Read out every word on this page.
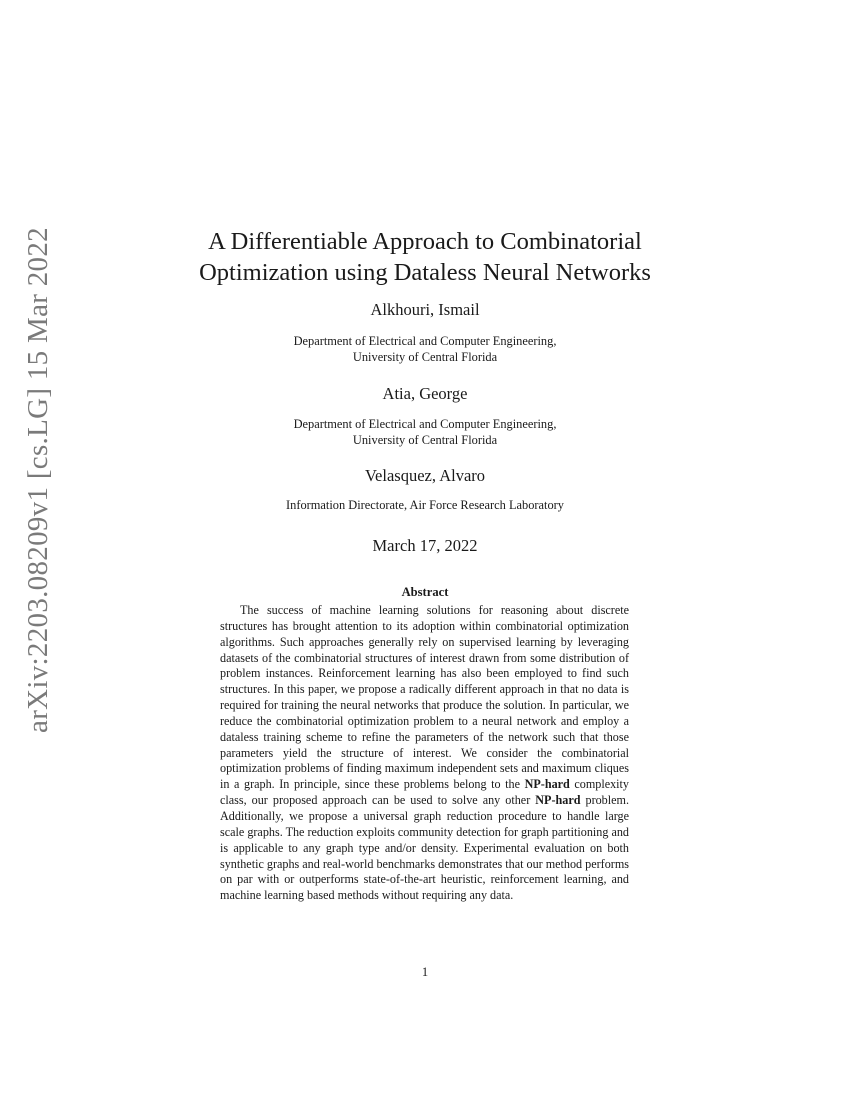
arXiv:2203.08209v1 [cs.LG] 15 Mar 2022	A Differentiable Approach to Combinatorial
Optimization using Dataless Neural Networks
Alkhouri, Ismail
Department of Electrical and Computer Engineering,
University of Central Florida
Atia, George
Department of Electrical and Computer Engineering,
University of Central Florida
Velasquez, Alvaro
Information Directorate, Air Force Research Laboratory
March 17, 2022
Abstract

The success of machine learning solutions for reasoning about discrete structures has brought attention to its adoption within combinatorial optimization algorithms. Such approaches generally rely on supervised learning by leveraging datasets of the combinatorial structures of interest drawn from some distribution of problem instances. Reinforcement learning has also been employed to find such structures. In this paper, we propose a radically different approach in that no data is required for training the neural networks that produce the solution. In particular, we reduce the combinatorial optimization problem to a neural network and employ a dataless training scheme to refine the parameters of the network such that those parameters yield the structure of interest. We consider the combinatorial optimization problems of finding maximum independent sets and maximum cliques in a graph. In principle, since these problems belong to the NP-hard complexity class, our proposed approach can be used to solve any other NP-hard problem. Additionally, we propose a universal graph reduction procedure to handle large scale graphs. The reduction exploits community detection for graph partitioning and is applicable to any graph type and/or density. Experimental evaluation on both synthetic graphs and real-world benchmarks demonstrates that our method performs on par with or outperforms state-of-the-art heuristic, reinforcement learning, and machine learning based methods without requiring any data.

1
